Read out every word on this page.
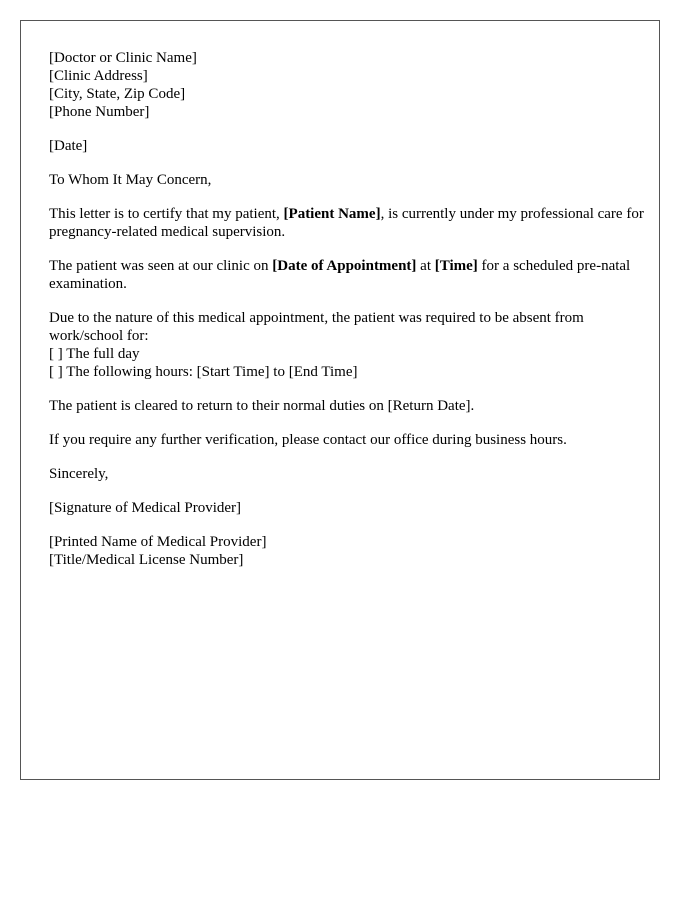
[Doctor or Clinic Name]
[Clinic Address]
[City, State, Zip Code]
[Phone Number]

[Date]

To Whom It May Concern,

This letter is to certify that my patient, [Patient Name], is currently under my professional care for pregnancy-related medical supervision.

The patient was seen at our clinic on [Date of Appointment] at [Time] for a scheduled pre-natal examination.

Due to the nature of this medical appointment, the patient was required to be absent from work/school for:
[ ] The full day
[ ] The following hours: [Start Time] to [End Time]

The patient is cleared to return to their normal duties on [Return Date].

If you require any further verification, please contact our office during business hours.

Sincerely,

[Signature of Medical Provider]

[Printed Name of Medical Provider]
[Title/Medical License Number]
